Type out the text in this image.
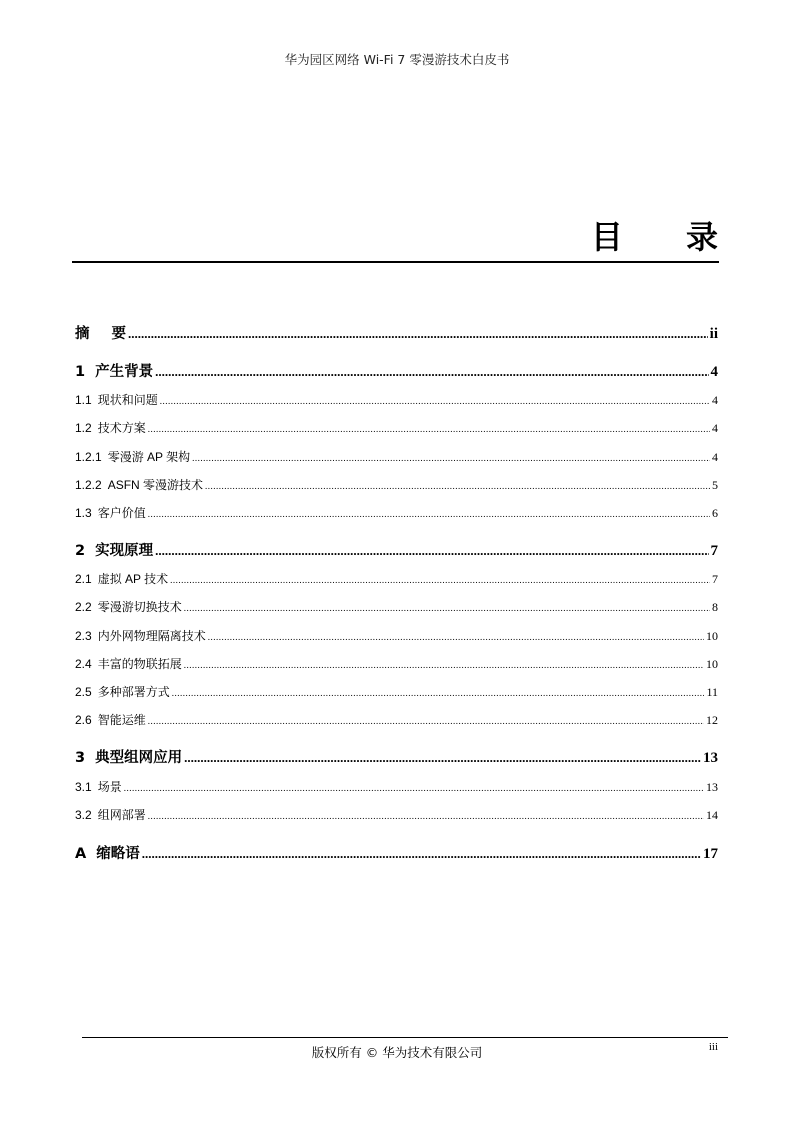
华为园区网络 Wi-Fi 7 零漫游技术白皮书
目 录
摘 要 .....	ii
1 产生背景 .....	4
1.1 现状和问题 .....	4
1.2 技术方案 .....	4
1.2.1 零漫游 AP 架构 .....	4
1.2.2 ASFN 零漫游技术 .....	5
1.3 客户价值 .....	6
2 实现原理 .....	7
2.1 虚拟 AP 技术 .....	7
2.2 零漫游切换技术 .....	8
2.3 内外网物理隔离技术 .....	10
2.4 丰富的物联拓展 .....	10
2.5 多种部署方式 .....	11
2.6 智能运维 .....	12
3 典型组网应用 .....	13
3.1 场景 .....	13
3.2 组网部署 .....	14
A 缩略语 .....	17
版权所有 © 华为技术有限公司	iii
